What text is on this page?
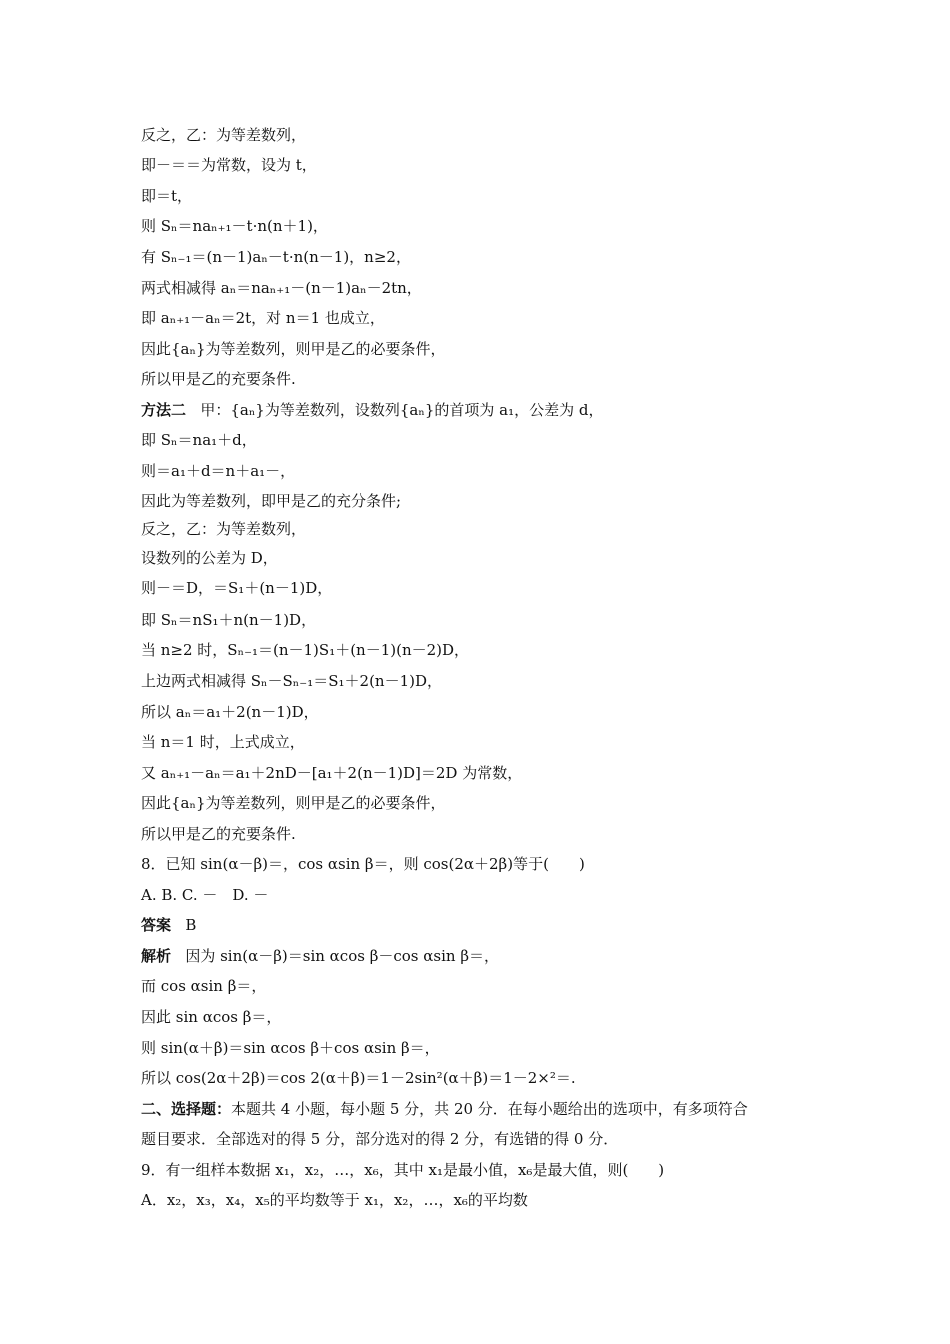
反之，乙：为等差数列，
即－＝＝为常数，设为 t，
即＝t，
则 Sₙ＝naₙ₊₁－t·n(n＋1)，
有 Sₙ₋₁＝(n－1)aₙ－t·n(n－1)，n≥2，
两式相减得 aₙ＝naₙ₊₁－(n－1)aₙ－2tn，
即 aₙ₊₁－aₙ＝2t，对 n＝1 也成立，
因此{aₙ}为等差数列，则甲是乙的必要条件，
所以甲是乙的充要条件.
方法二 甲：{aₙ}为等差数列，设数列{aₙ}的首项为 a₁，公差为 d，
即 Sₙ＝na₁＋d，
则＝a₁＋d＝n＋a₁－，
因此为等差数列，即甲是乙的充分条件;
反之，乙：为等差数列，
设数列的公差为 D，
则－＝D，＝S₁＋(n－1)D，
即 Sₙ＝nS₁＋n(n－1)D，
当 n≥2 时，Sₙ₋₁＝(n－1)S₁＋(n－1)(n－2)D，
上边两式相减得 Sₙ－Sₙ₋₁＝S₁＋2(n－1)D，
所以 aₙ＝a₁＋2(n－1)D，
当 n＝1 时，上式成立，
又 aₙ₊₁－aₙ＝a₁＋2nD－[a₁＋2(n－1)D]＝2D 为常数，
因此{aₙ}为等差数列，则甲是乙的必要条件，
所以甲是乙的充要条件.
8．已知 sin(α－β)＝，cos αsin β＝，则 cos(2α＋2β)等于(　　)
A. B. C. －　D. －
答案 B
解析 因为 sin(α－β)＝sin αcos β－cos αsin β＝，
而 cos αsin β＝，
因此 sin αcos β＝，
则 sin(α＋β)＝sin αcos β＋cos αsin β＝，
所以 cos(2α＋2β)＝cos 2(α＋β)＝1－2sin²(α＋β)＝1－2×²＝.
二、选择题：本题共 4 小题，每小题 5 分，共 20 分．在每小题给出的选项中，有多项符合
题目要求．全部选对的得 5 分，部分选对的得 2 分，有选错的得 0 分．
9．有一组样本数据 x₁，x₂，…，x₆，其中 x₁是最小值，x₆是最大值，则(　　)
A．x₂，x₃，x₄，x₅的平均数等于 x₁，x₂，…，x₆的平均数
